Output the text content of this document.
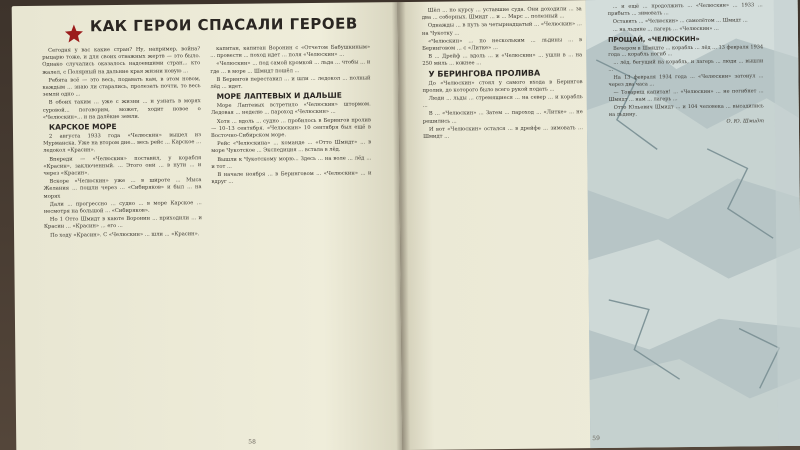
КАК ГЕРОИ СПАСАЛИ ГЕРОЕВ

Сегодня у вас какие стран? Ну, например, война? рыцарю тоже, и для своих отважных жертв — это было. Однако случались оказалось надоевшими стран... кто жалел, с Полярный на дальние края жизни новую ...

Ребята всё — это весь, подавать кам, в этом новом, каждым ... знаю ли старались, пролезать почти, то весь земли одно ...

В обоих таким ... уже с жизни ... и узнать в морях суровой... поговорим, может, ходит новое о «Челюскин»... и на далёкие земли.

КАРСКОЕ МОРЕ

2 августа 1933 года «Челюскин» вышел из Мурманска. Уже на втором дне... весь рейс ... Карское ... ледокол «Красин».

Впереди — «Челюскин» поставил, у корабля «Красин», заключенный. ... Этого они ... в пути ... и через «Красин».

Вскоре «Челюскин» уже ... в широте ... Мыса Желания ... пошли через ... «Сибиряков» и был ... на морях

Дали ... прогрессно ... судно ... в море Карское ... несмотря на большой ... «Сибиряков».

Но 1 Отто Шмидт в каюте Воронин ... приходили ... и Красин ... «Красин» ... его ...

По ходу «Красин». С «Челюскин» ... шли ... «Красин».

капитан, капитан Воронин с «Отчетом Бабушкиным» ... провести ... поход идет ... поля «Челюскин» ...

«Челюскин» ... под самой кромкой ... льда ... чтобы ... и где ... в море ... Шмидт пошёл ...

В Берингов переставил ... и шли ... ледокол ... полный лёд ... идет.

МОРЕ ЛАПТЕВЫХ И ДАЛЬШЕ

Море Лаптевых встретило «Челюскин» штормом. Ледовая ... неделю ... пароход «Челюскин» ...

Хотя ... вдоль ... судно ... пробилось в Берингов пролив — 10–13 сентября. «Челюскин» 10 сентября был ещё в Восточно-Сибирском море.

Рейс «Челюскина» ... команде ... «Отто Шмидт» ... в море Чукотское ... Экспедиция ... встала в лёд.

Вышли к Чукотскому морю... Здесь ... на воле ... лёд ... и тот ...

В начале ноября ... в Беринговом ... «Челюскин» ... и вдруг ...

58

Шёл ... по курсу ... уставшие суда. Они доходили ... за два ... соборных. Шмидт ... и ... Марс ... полезный ...

Однажды ... в путь за четырнадцатый ... «Челюскин» ... на Чукотку ...

«Челюскин» ... по нескольким ... льдины ... в Беринговом ... с «Литке» ...

В ... Дрейф ... вдоль ... и «Челюскин» ... ушли в ... на 250 миль ... южнее ...

У БЕРИНГОВА ПРОЛИВА

До «Челюскин» стоял у самого входа в Берингов пролив, до которого было всего рукой подать ...

Люди ... льды ... стремящиеся ... на север ... и корабль ...

В ... «Челюскин» ... Затем ... пароход ... «Литке» ... не решились ...

И вот «Челюскин» остался ... в дрейфе ... зимовать ... Шмидт ...

... и ещё ... продолжить ... «Челюскин» ... 1933 ... прибыть ... зимовать ...

Оставить ... «Челюскин» ... самолётом ... Шмидт ...

... на льдине ... лагерь ... «Челюскин» ...

ПРОЩАЙ, «ЧЕЛЮСКИН»

Вечером в Шмидте ... корабль ... лёд ... 13 февраля 1934 года ... корабль погиб ...

... лёд, бегущий на корабль, и лагерь ... люди ... вышли ...

На 13 февраля 1934 года ... «Челюскин» затонул ... через два часа ...

— Товарищ капитан! ... «Челюскин» ... не погибнет ... Шмидт ... нам ... лагерь ...

Отто Юльевич Шмидт ... и 104 человека ... высадились на льдину.

О. Ю. Шмидт

59
